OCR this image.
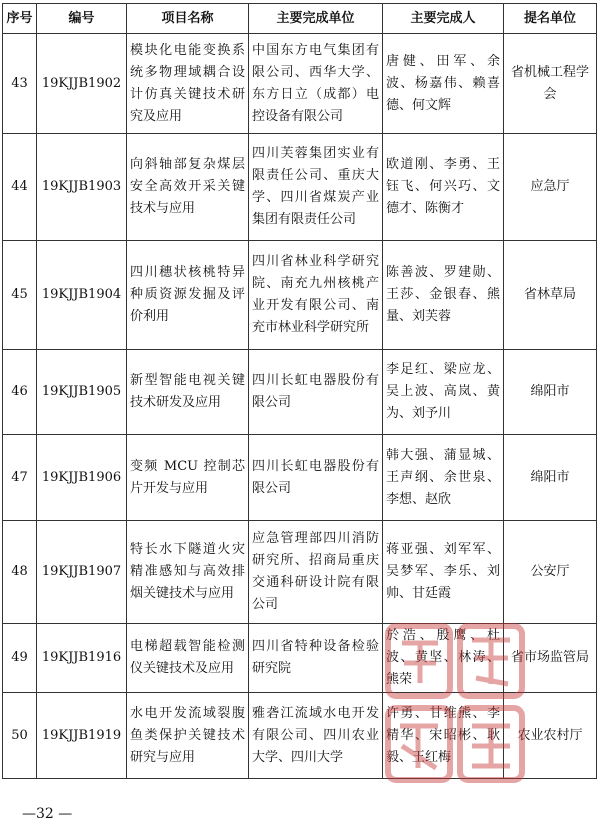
序号	编号	项目名称	主要完成单位	主要完成人	提名单位
43	19KJJB1902	模块化电能变换系统多物理域耦合设计仿真关键技术研究及应用	中国东方电气集团有限公司、西华大学、东方日立（成都）电控设备有限公司	唐健、田军、余波、杨嘉伟、赖喜德、何文辉	省机械工程学会
44	19KJJB1903	向斜轴部复杂煤层安全高效开采关键技术与应用	四川芙蓉集团实业有限责任公司、重庆大学、四川省煤炭产业集团有限责任公司	欧道刚、李勇、王钰飞、何兴巧、文德才、陈衡才	应急厅
45	19KJJB1904	四川穗状核桃特异种质资源发掘及评价利用	四川省林业科学研究院、南充九州核桃产业开发有限公司、南充市林业科学研究所	陈善波、罗建勋、王莎、金银春、熊量、刘芙蓉	省林草局
46	19KJJB1905	新型智能电视关键技术研发及应用	四川长虹电器股份有限公司	李足红、梁应龙、吴上波、高岚、黄为、刘予川	绵阳市
47	19KJJB1906	变频 MCU 控制芯片开发与应用	四川长虹电器股份有限公司	韩大强、蒲显城、王声纲、余世泉、李想、赵欣	绵阳市
48	19KJJB1907	特长水下隧道火灾精准感知与高效排烟关键技术与应用	应急管理部四川消防研究所、招商局重庆交通科研设计院有限公司	蒋亚强、刘军军、吴梦军、李乐、刘帅、甘廷霞	公安厅
49	19KJJB1916	电梯超载智能检测仪关键技术及应用	四川省特种设备检验研究院	於浩、殷鹰、杜波、黄坚、林涛、熊荣	省市场监管局
50	19KJJB1919	水电开发流域裂腹鱼类保护关键技术研究与应用	雅砻江流域水电开发有限公司、四川农业大学、四川大学	许勇、甘维熊、李精华、宋昭彬、耿毅、王红梅	农业农村厅
—32 —
